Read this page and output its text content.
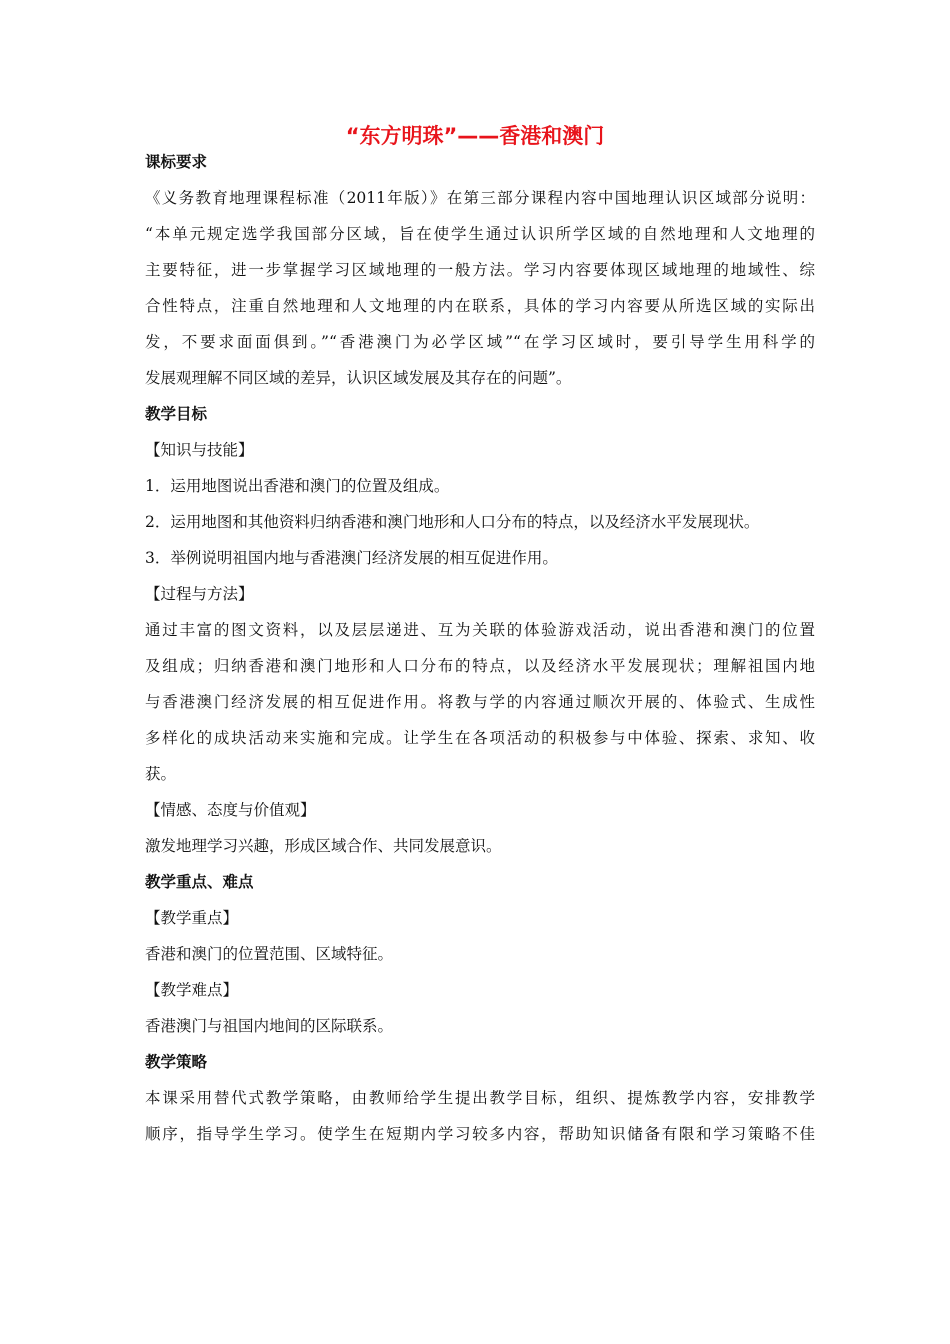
“东方明珠”——香港和澳门
课标要求
《义务教育地理课程标准（2011年版）》在第三部分课程内容中国地理认识区域部分说明：
“本单元规定选学我国部分区域，旨在使学生通过认识所学区域的自然地理和人文地理的
主要特征，进一步掌握学习区域地理的一般方法。学习内容要体现区域地理的地域性、综
合性特点，注重自然地理和人文地理的内在联系，具体的学习内容要从所选区域的实际出
发，不要求面面俱到。”“香港澳门为必学区域”“在学习区域时，要引导学生用科学的
发展观理解不同区域的差异，认识区域发展及其存在的问题”。
教学目标
【知识与技能】
1．运用地图说出香港和澳门的位置及组成。
2．运用地图和其他资料归纳香港和澳门地形和人口分布的特点，以及经济水平发展现状。
3．举例说明祖国内地与香港澳门经济发展的相互促进作用。
【过程与方法】
通过丰富的图文资料，以及层层递进、互为关联的体验游戏活动，说出香港和澳门的位置
及组成；归纳香港和澳门地形和人口分布的特点，以及经济水平发展现状；理解祖国内地
与香港澳门经济发展的相互促进作用。将教与学的内容通过顺次开展的、体验式、生成性
多样化的成块活动来实施和完成。让学生在各项活动的积极参与中体验、探索、求知、收
获。
【情感、态度与价值观】
激发地理学习兴趣，形成区域合作、共同发展意识。
教学重点、难点
【教学重点】
香港和澳门的位置范围、区域特征。
【教学难点】
香港澳门与祖国内地间的区际联系。
教学策略
本课采用替代式教学策略，由教师给学生提出教学目标，组织、提炼教学内容，安排教学
顺序，指导学生学习。使学生在短期内学习较多内容，帮助知识储备有限和学习策略不佳
